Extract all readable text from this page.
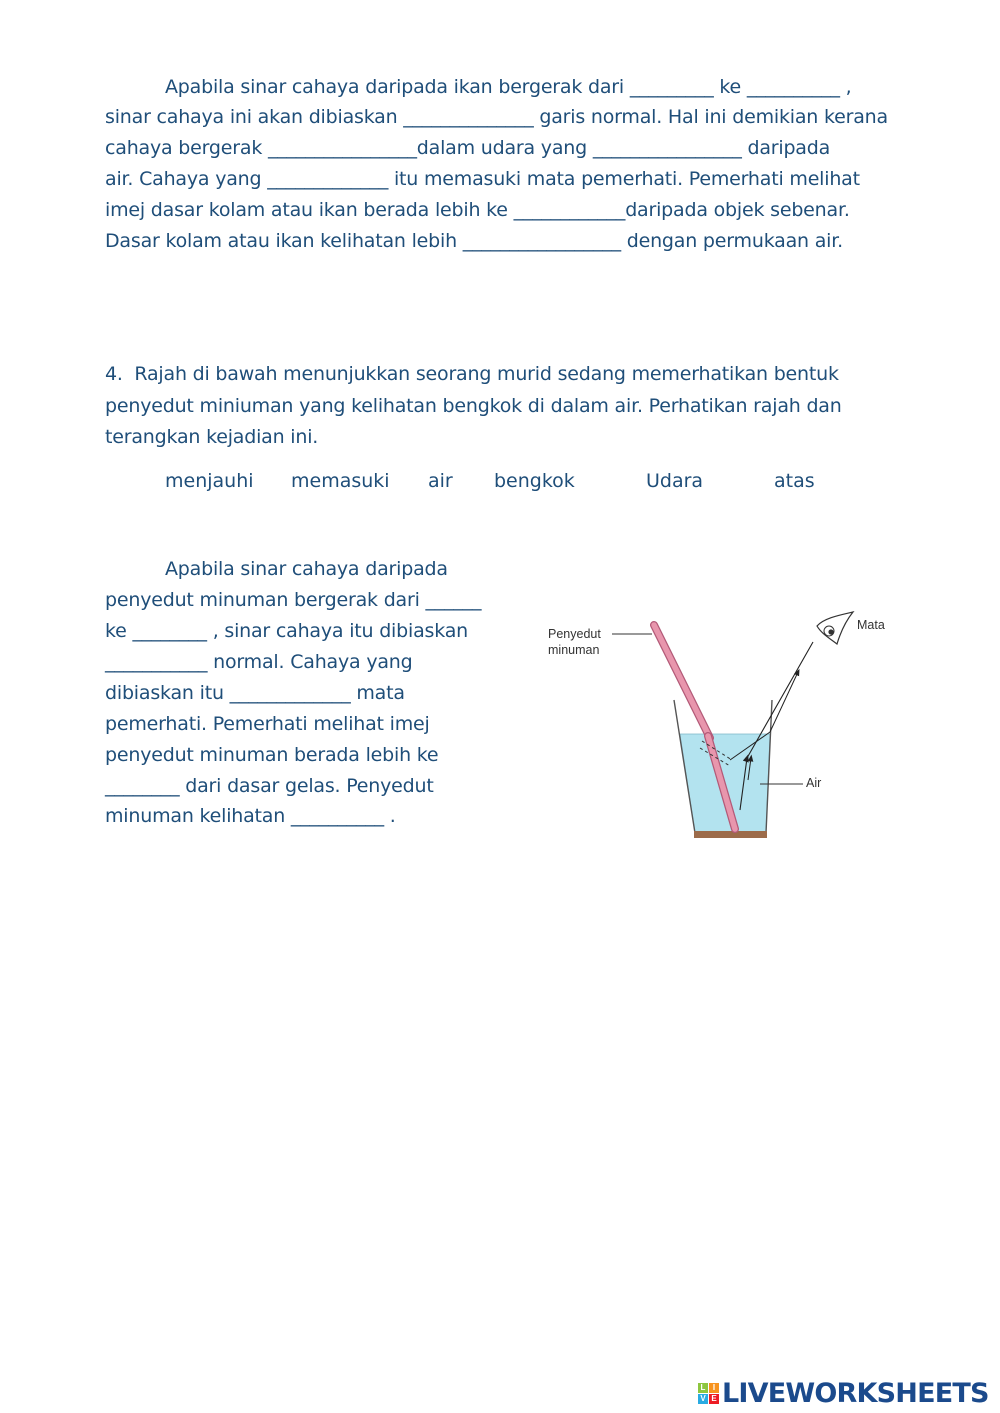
Apabila sinar cahaya daripada ikan bergerak dari _________ ke __________ ,
sinar cahaya ini akan dibiaskan ______________ garis normal. Hal ini demikian kerana
cahaya bergerak ________________dalam udara yang ________________ daripada
air. Cahaya yang _____________ itu memasuki mata pemerhati. Pemerhati melihat
imej dasar kolam atau ikan berada lebih ke ____________daripada objek sebenar.
Dasar kolam atau ikan kelihatan lebih _________________ dengan permukaan air.
4.  Rajah di bawah menunjukkan seorang murid sedang memerhatikan bentuk
penyedut miniuman yang kelihatan bengkok di dalam air. Perhatikan rajah dan
terangkan kejadian ini.
menjauhi memasuki air bengkok	Udara	atas
Apabila sinar cahaya daripada
penyedut minuman bergerak dari ______
ke ________ , sinar cahaya itu dibiaskan
___________ normal. Cahaya yang
dibiaskan itu _____________ mata
pemerhati. Pemerhati melihat imej
penyedut minuman berada lebih ke
________ dari dasar gelas. Penyedut
minuman kelihatan __________ .
Penyedut
minuman
Mata
Air
L I
V E LIVEWORKSHEETS
